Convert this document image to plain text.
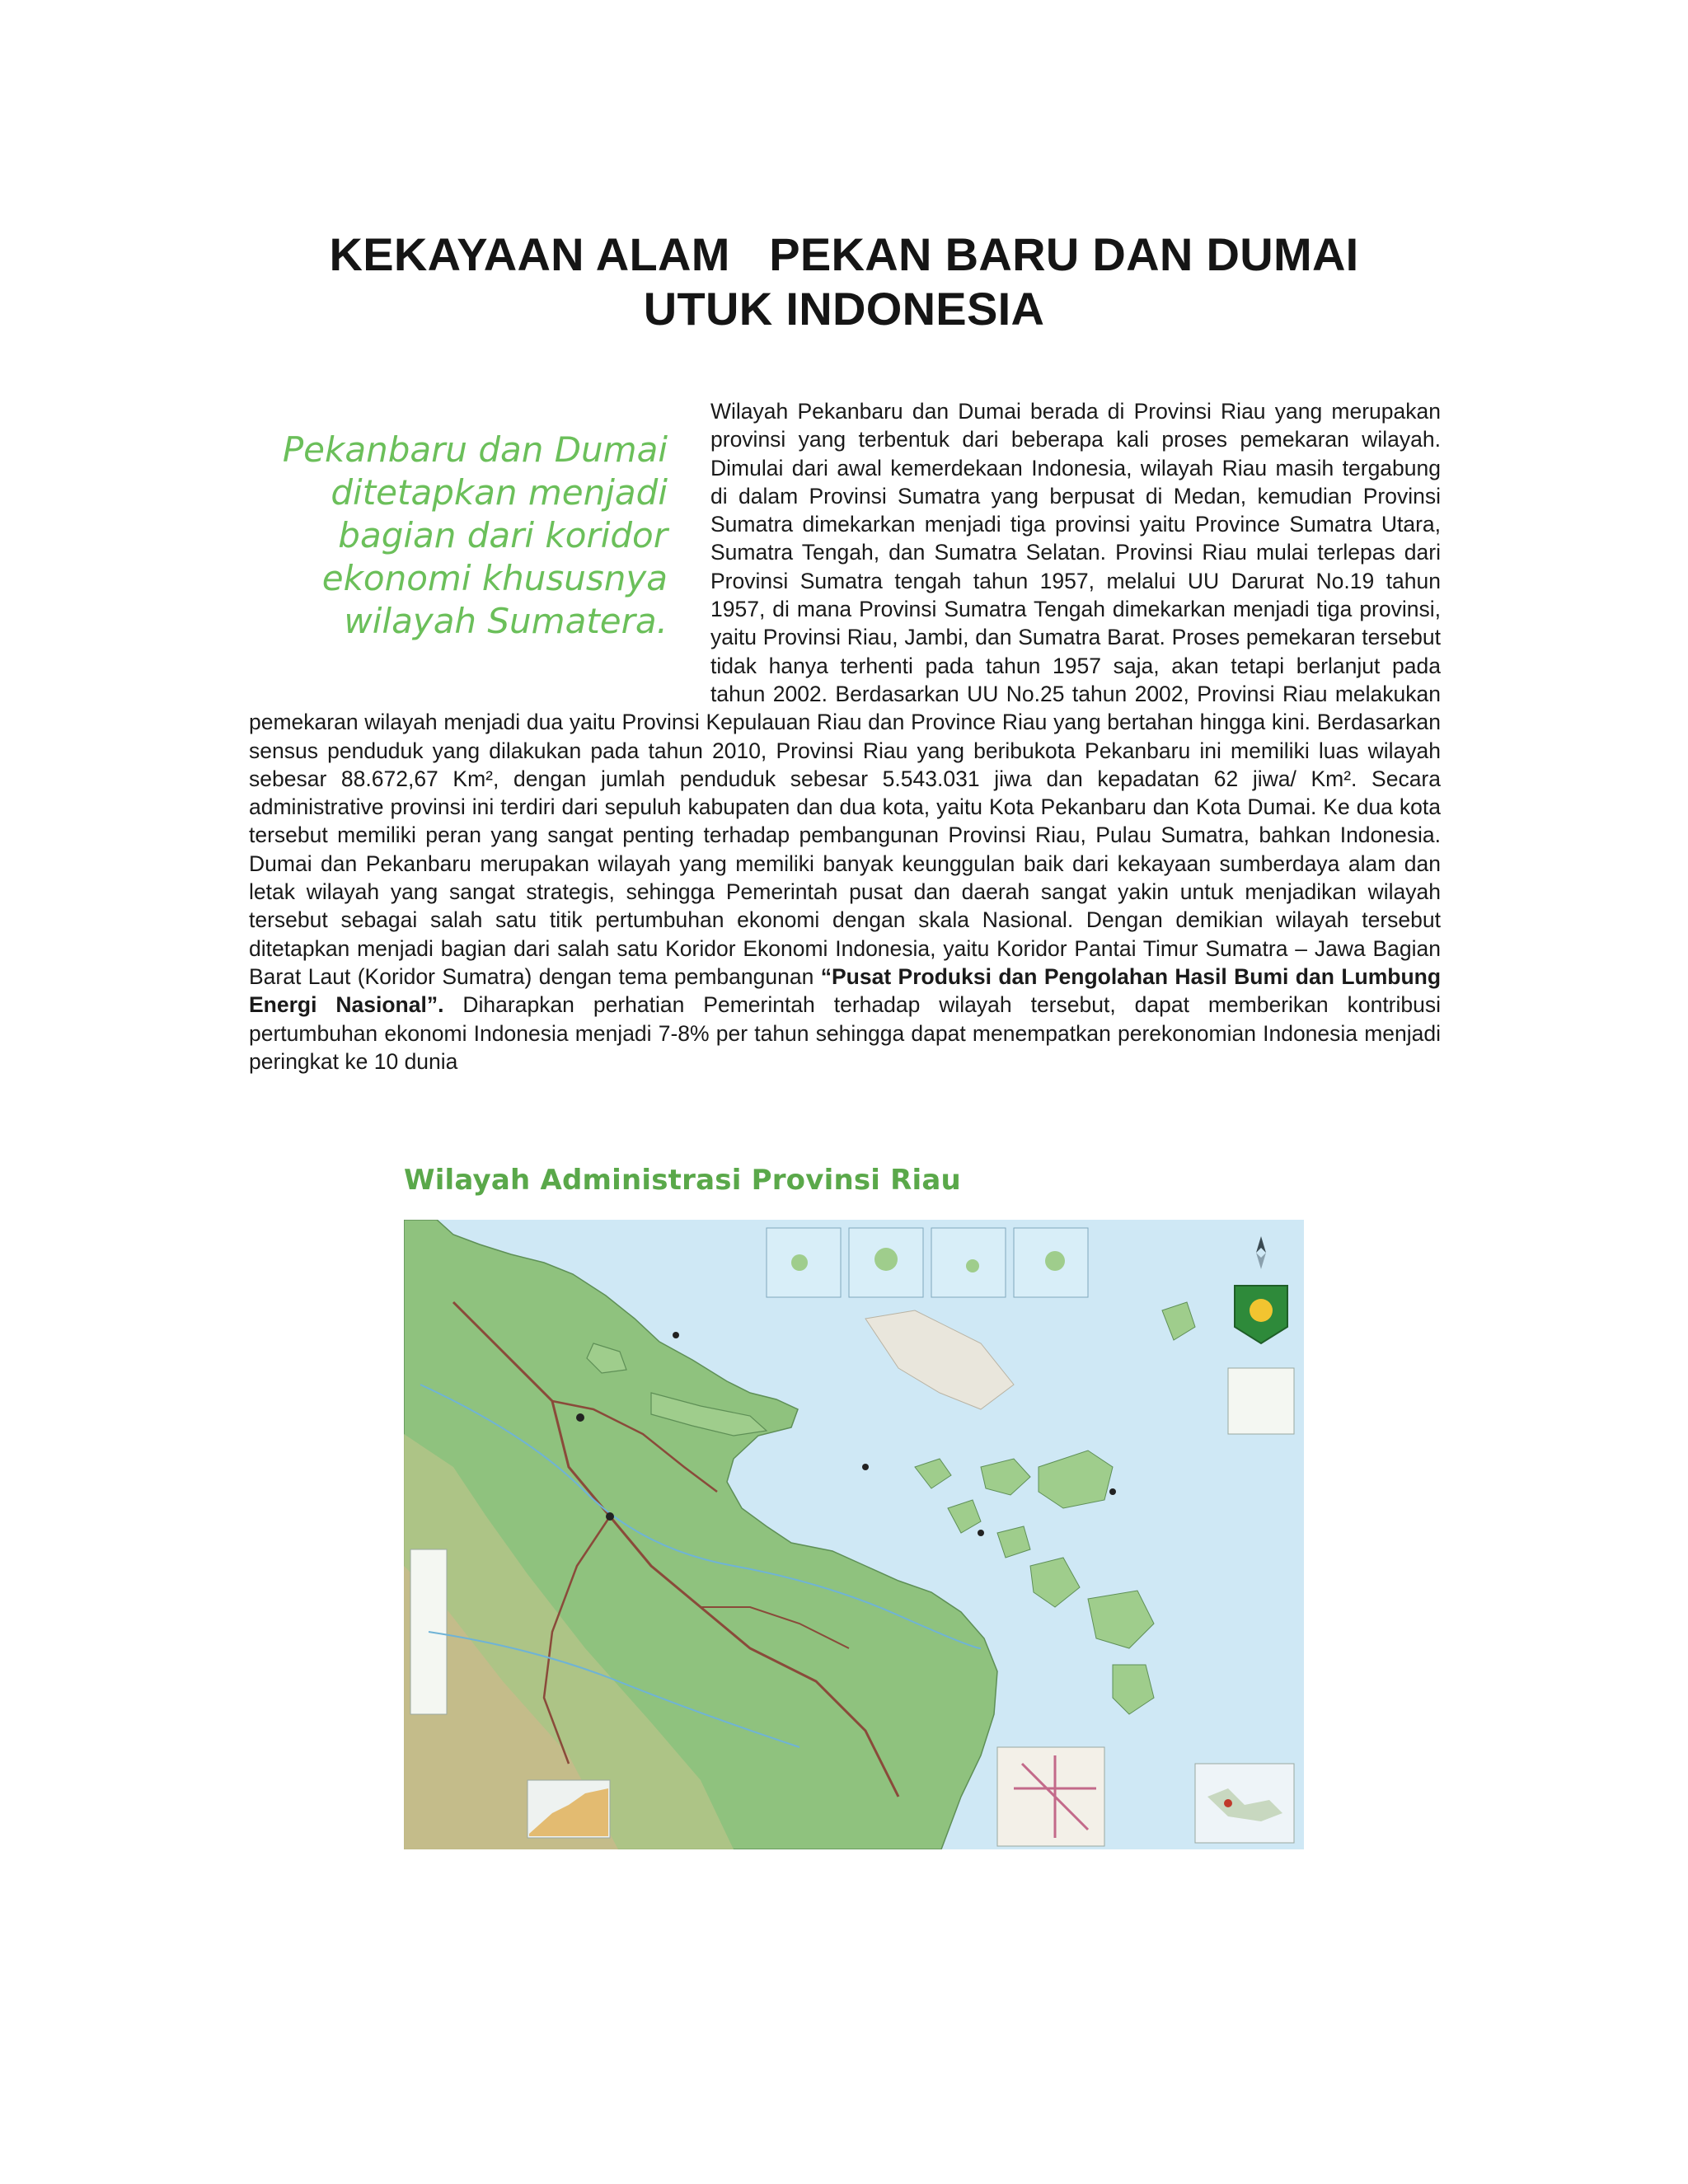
KEKAYAAN ALAM   PEKAN BARU DAN DUMAI
UTUK INDONESIA
Pekanbaru dan Dumai
ditetapkan menjadi
bagian dari koridor
ekonomi khususnya
wilayah Sumatera.

Wilayah Pekanbaru dan Dumai berada di Provinsi Riau yang merupakan provinsi yang terbentuk dari beberapa kali proses pemekaran wilayah. Dimulai dari awal kemerdekaan Indonesia, wilayah Riau masih tergabung di dalam Provinsi Sumatra yang berpusat di Medan, kemudian Provinsi Sumatra dimekarkan menjadi tiga provinsi yaitu Province Sumatra Utara, Sumatra Tengah, dan Sumatra Selatan. Provinsi Riau mulai terlepas dari Provinsi Sumatra tengah tahun 1957, melalui UU Darurat No.19 tahun 1957, di mana Provinsi Sumatra Tengah dimekarkan menjadi tiga provinsi, yaitu Provinsi Riau, Jambi, dan Sumatra Barat. Proses pemekaran tersebut tidak hanya terhenti pada tahun 1957 saja, akan tetapi berlanjut pada tahun 2002. Berdasarkan UU No.25 tahun 2002, Provinsi Riau melakukan pemekaran wilayah menjadi dua yaitu Provinsi Kepulauan Riau dan Province Riau yang bertahan hingga kini. Berdasarkan sensus penduduk yang dilakukan pada tahun 2010, Provinsi Riau yang beribukota Pekanbaru ini memiliki luas wilayah sebesar 88.672,67 Km², dengan jumlah penduduk sebesar 5.543.031 jiwa dan kepadatan 62 jiwa/ Km². Secara administrative provinsi ini terdiri dari sepuluh kabupaten dan dua kota, yaitu Kota Pekanbaru dan Kota Dumai. Ke dua kota tersebut memiliki peran yang sangat penting terhadap pembangunan Provinsi Riau, Pulau Sumatra, bahkan Indonesia. Dumai dan Pekanbaru merupakan wilayah yang memiliki banyak keunggulan baik dari kekayaan sumberdaya alam dan letak wilayah yang sangat strategis, sehingga Pemerintah pusat dan daerah sangat yakin untuk menjadikan wilayah tersebut sebagai salah satu titik pertumbuhan ekonomi dengan skala Nasional. Dengan demikian wilayah tersebut ditetapkan menjadi bagian dari salah satu Koridor Ekonomi Indonesia, yaitu Koridor Pantai Timur Sumatra – Jawa Bagian Barat Laut (Koridor Sumatra) dengan tema pembangunan “Pusat Produksi dan Pengolahan Hasil Bumi dan Lumbung Energi Nasional”. Diharapkan perhatian Pemerintah terhadap wilayah tersebut, dapat memberikan kontribusi pertumbuhan ekonomi Indonesia menjadi 7-8% per tahun sehingga dapat menempatkan perekonomian Indonesia menjadi peringkat ke 10 dunia

Wilayah Administrasi Provinsi Riau
